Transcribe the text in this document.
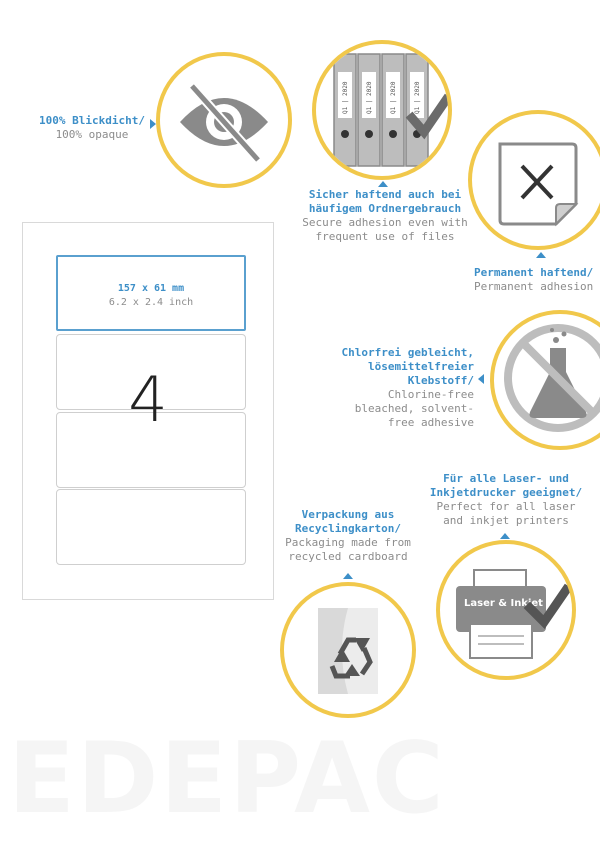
100% Blickdicht/
100% opaque
Q1 | 2020	Q1 | 2020	Q1 | 2020	Q1 | 2020
Sicher haftend auch bei häufigem Ordnergebrauch
Secure adhesion even with frequent use of files
Permanent haftend/
Permanent adhesion
157 x 61 mm
6.2 x 2.4 inch
4
Chlorfrei gebleicht, lösemittelfreier Klebstoff/
Chlorine-free bleached, solvent-free adhesive
Für alle Laser- und Inkjetdrucker geeignet/
Perfect for all laser and inkjet printers
Laser & Inkjet
Verpackung aus Recyclingkarton/
Packaging made from recycled cardboard
EDEPAC
